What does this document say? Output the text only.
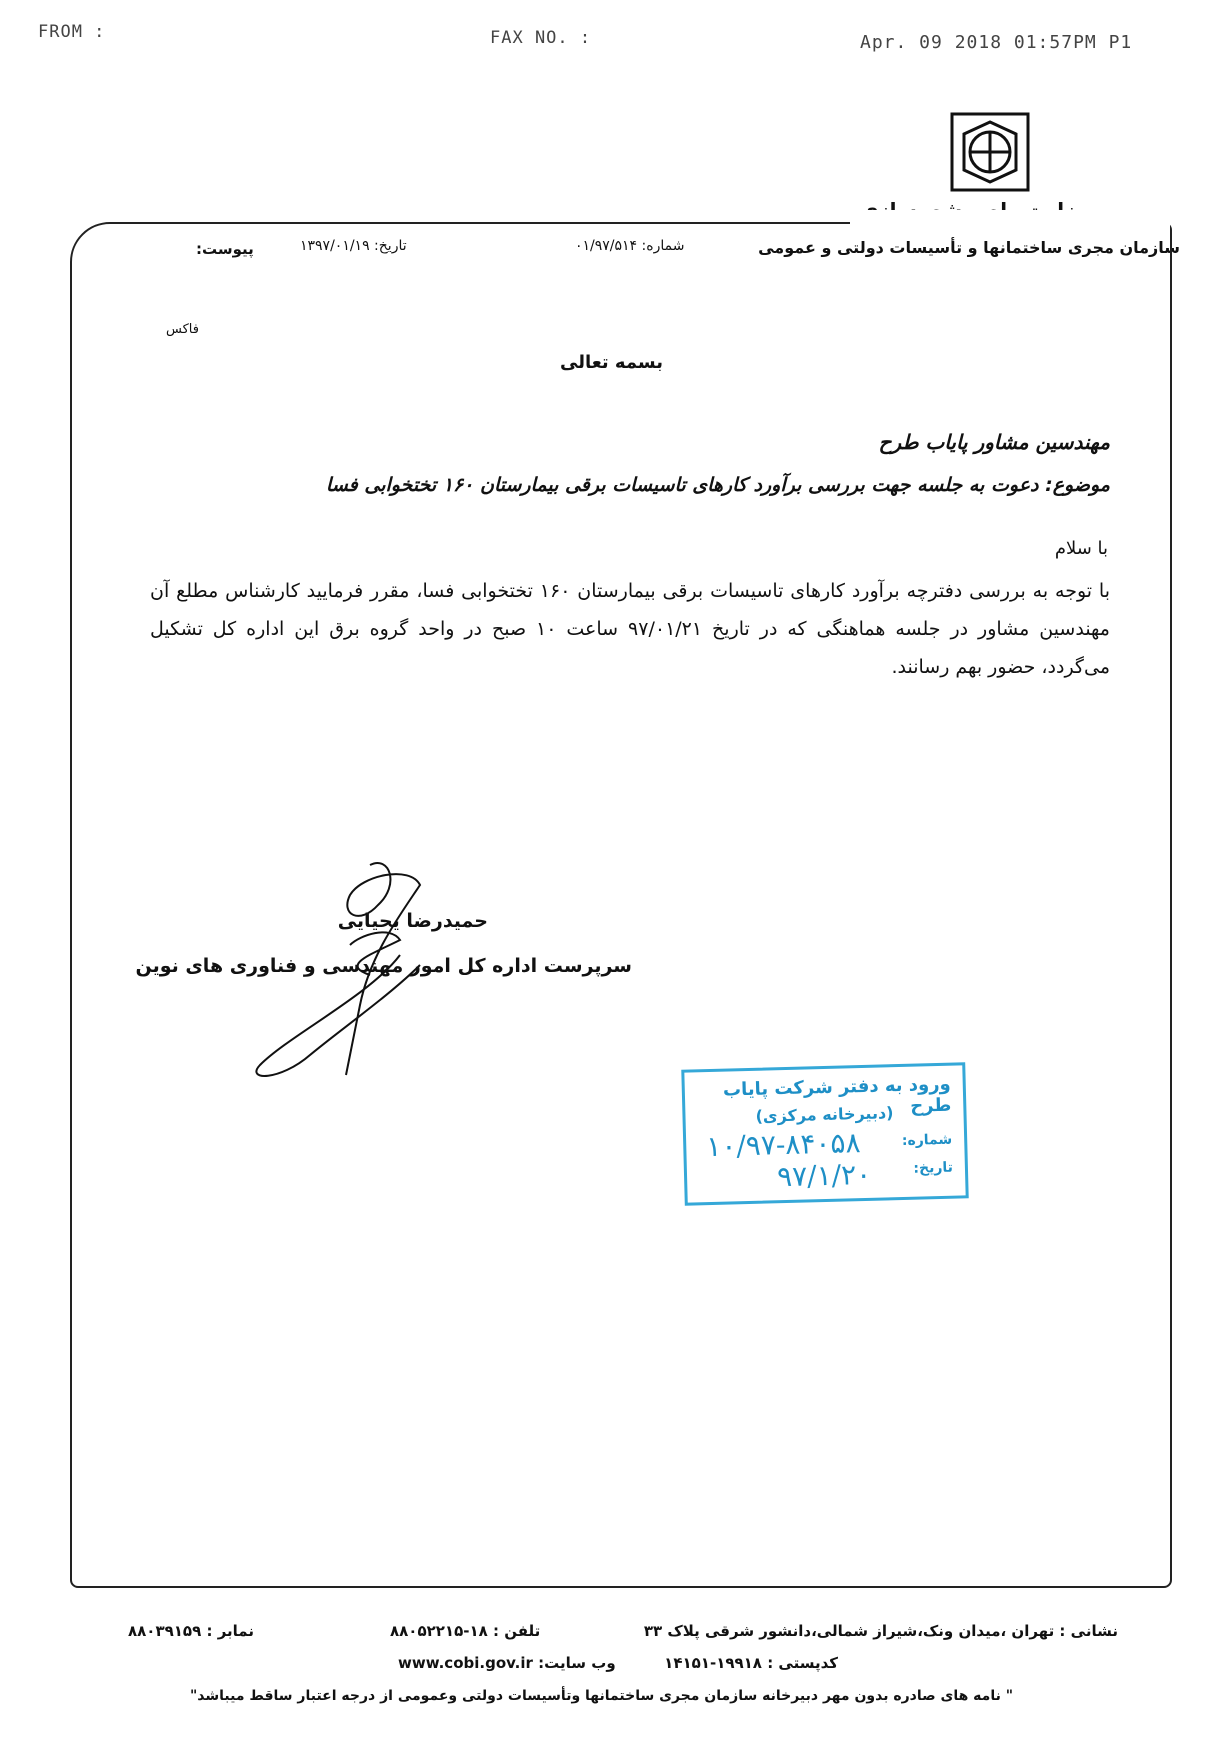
FROM :	FAX NO. :	Apr. 09 2018 01:57PM P1
سازمان مجری ساختمانها و تأسیسات دولتی و عمومی
پیوست:	تاریخ: ۱۳۹۷/۰۱/۱۹	شماره: ۰۱/۹۷/۵۱۴
فاکس
بسمه تعالی
مهندسین مشاور پایاب طرح
موضوع: دعوت به جلسه جهت بررسی برآورد کارهای تاسیسات برقی بیمارستان ۱۶۰ تختخوابی فسا
با سلام
با توجه به بررسی دفترچه برآورد کارهای تاسیسات برقی بیمارستان ۱۶۰ تختخوابی فسا، مقرر فرمایید کارشناس مطلع آن مهندسین مشاور در جلسه هماهنگی که در تاریخ ۹۷/۰۱/۲۱ ساعت ۱۰ صبح در واحد گروه برق این اداره کل تشکیل می‌گردد، حضور بهم رسانند.
حمیدرضا یحیایی
سرپرست اداره کل امور مهندسی و فناوری های نوین
ورود به دفتر شرکت پایاب طرح
(دبیرخانه مرکزی)
شماره:
تاریخ:
۱۰/۹۷-۸۴۰۵۸
۹۷/۱/۲۰
نشانی : تهران ،میدان ونک،شیراز شمالی،دانشور شرقی پلاک ۳۳
تلفن : ۱۸-۸۸۰۵۲۲۱۵
نمابر : ۸۸۰۳۹۱۵۹
کدپستی : ۱۹۹۱۸-۱۴۱۵۱
وب سایت: www.cobi.gov.ir
" نامه های صادره بدون مهر دبیرخانه سازمان مجری ساختمانها وتأسیسات دولتی وعمومی از درجه اعتبار ساقط میباشد"
